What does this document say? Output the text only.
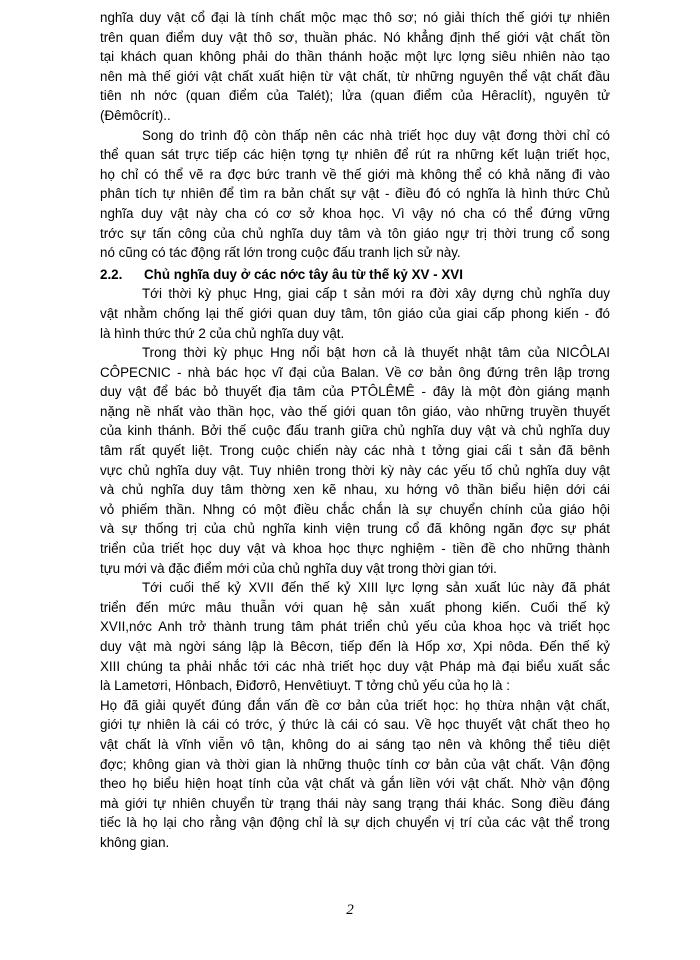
nghĩa duy vật cổ đại là tính chất mộc mạc thô sơ; nó giải thích thế giới tự nhiên
trên quan điểm duy vật thô sơ, thuần phác. Nó khẳng định thế giới vật chất tồn
tại khách quan không phải do thần thánh hoặc một lực lợng siêu nhiên nào tạo
nên mà thế giới vật chất xuất hiện từ vật chất, từ những nguyên thể vật chất đầu
tiên nh nớc (quan điểm của Talét); lửa (quan điểm của Hêraclít), nguyên tử
(Đêmôcrít)..
Song do trình độ còn thấp nên các nhà triết học duy vật đơng thời chỉ có
thể quan sát trực tiếp các hiện tợng tự nhiên để rút ra những kết luận triết học,
họ chỉ có thể vẽ ra đợc bức tranh về thế giới mà không thể có khả năng đi vào
phân tích tự nhiên để tìm ra bản chất sự vật - điều đó có nghĩa là hình thức Chủ
nghĩa duy vật này cha có cơ sở khoa học. Vì vậy nó cha có thể đứng vững
trớc sự tấn công của chủ nghĩa duy tâm và tôn giáo ngự trị thời trung cổ song
nó cũng có tác động rất lớn trong cuộc đấu tranh lịch sử này.
2.2. Chủ nghĩa duy ở các nớc tây âu từ thế kỷ XV - XVI
Tới thời kỳ phục Hng, giai cấp t sản mới ra đời xây dựng chủ nghĩa duy
vật nhằm chống lại thế giới quan duy tâm, tôn giáo của giai cấp phong kiến - đó
là hình thức thứ 2 của chủ nghĩa duy vật.
Trong thời kỳ phục Hng nổi bật hơn cả là thuyết nhật tâm của NICÔLAI
CÔPECNIC - nhà bác học vĩ đại của Balan. Về cơ bản ông đứng trên lập trơng
duy vật để bác bỏ thuyết địa tâm của PTÔLÊMÊ - đây là một đòn giáng mạnh
nặng nề nhất vào thần học, vào thế giới quan tôn giáo, vào những truyền thuyết
của kinh thánh. Bởi thế cuộc đấu tranh giữa chủ nghĩa duy vật và chủ nghĩa duy
tâm rất quyết liệt. Trong cuộc chiến này các nhà t tởng giai cấi t sản đã bênh
vực chủ nghĩa duy vật. Tuy nhiên trong thời kỳ này các yếu tố chủ nghĩa duy vật
và chủ nghĩa duy tâm thờng xen kẽ nhau, xu hớng vô thần biểu hiện dới cái
vỏ phiếm thần. Nhng có một điều chắc chắn là sự chuyển chính của giáo hội
và sự thống trị của chủ nghĩa kinh viện trung cổ đã không ngăn đợc sự phát
triển của triết học duy vật và khoa học thực nghiệm - tiền đề cho những thành
tựu mới và đặc điểm mới của chủ nghĩa duy vật trong thời gian tới.
Tới cuối thế kỷ XVII đến thế kỷ XIII lực lợng sản xuất lúc này đã phát
triển đến mức mâu thuẫn với quan hệ sản xuất phong kiến. Cuối thế kỷ
XVII,nớc Anh trở thành trung tâm phát triển chủ yếu của khoa học và triết học
duy vật mà ngời sáng lập là Bêcơn, tiếp đến là Hốp xơ, Xpi nôda. Đến thế kỷ
XIII chúng ta phải nhắc tới các nhà triết học duy vật Pháp mà đại biểu xuất sắc
là Lametơri, Hônbach, Điđơrô, Henvêtiuyt. T tởng chủ yếu của họ là :
Họ đã giải quyết đúng đắn vấn đề cơ bản của triết học: họ thừa nhận vật chất,
giới tự nhiên là cái có trớc, ý thức là cái có sau. Về học thuyết vật chất theo họ
vật chất là vĩnh viễn vô tận, không do ai sáng tạo nên và không thể tiêu diệt
đợc; không gian và thời gian là những thuộc tính cơ bản của vật chất. Vận động
theo họ biểu hiện hoạt tính của vật chất và gắn liền với vật chất. Nhờ vận động
mà giới tự nhiên chuyển từ trạng thái này sang trạng thái khác. Song điều đáng
tiếc là họ lại cho rằng vận động chỉ là sự dịch chuyển vị trí của các vật thể trong
không gian.
2
